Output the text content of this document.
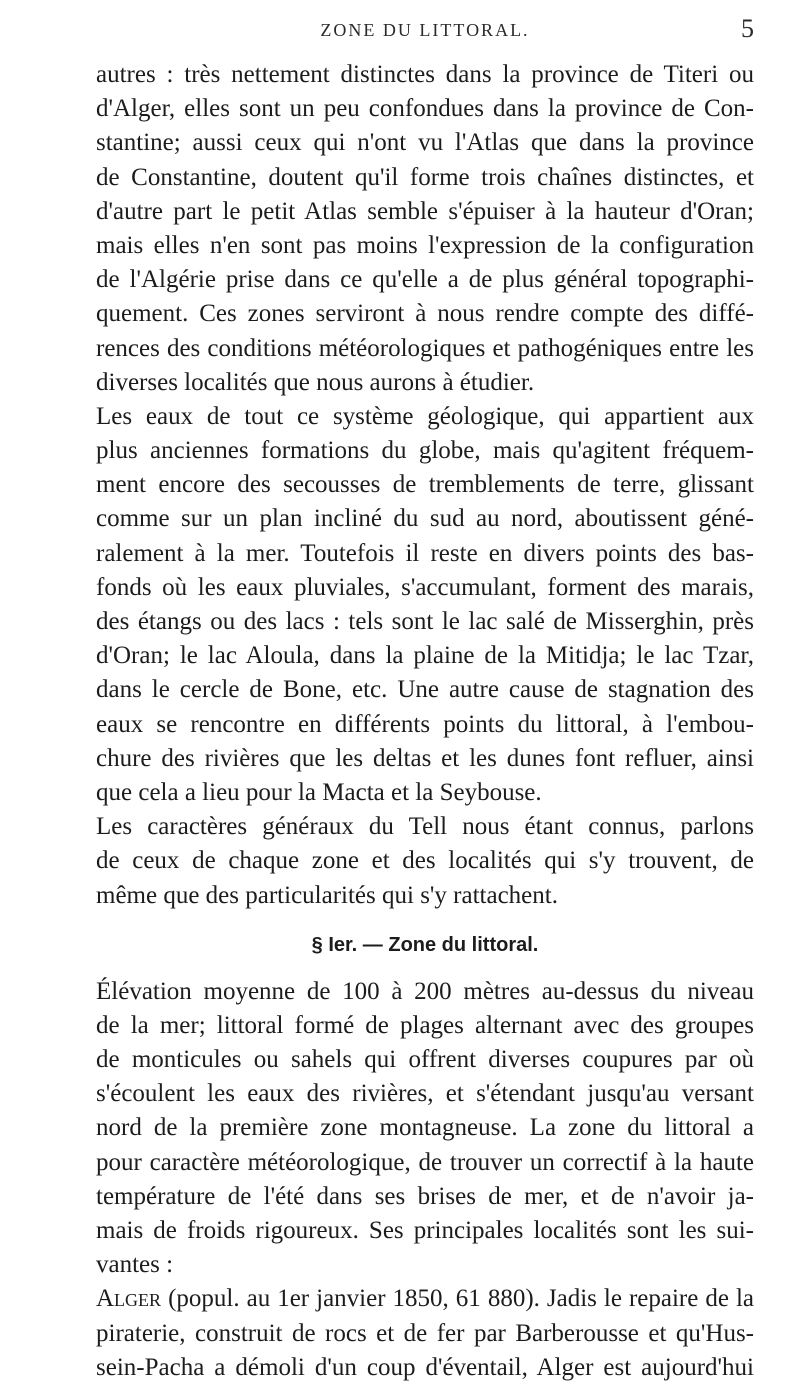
ZONE DU LITTORAL.	5
autres : très nettement distinctes dans la province de Titeri ou
d'Alger, elles sont un peu confondues dans la province de Con-
stantine; aussi ceux qui n'ont vu l'Atlas que dans la province
de Constantine, doutent qu'il forme trois chaînes distinctes, et
d'autre part le petit Atlas semble s'épuiser à la hauteur d'Oran;
mais elles n'en sont pas moins l'expression de la configuration
de l'Algérie prise dans ce qu'elle a de plus général topographi-
quement. Ces zones serviront à nous rendre compte des diffé-
rences des conditions météorologiques et pathogéniques entre les
diverses localités que nous aurons à étudier.
Les eaux de tout ce système géologique, qui appartient aux
plus anciennes formations du globe, mais qu'agitent fréquem-
ment encore des secousses de tremblements de terre, glissant
comme sur un plan incliné du sud au nord, aboutissent géné-
ralement à la mer. Toutefois il reste en divers points des bas-
fonds où les eaux pluviales, s'accumulant, forment des marais,
des étangs ou des lacs : tels sont le lac salé de Misserghin, près
d'Oran; le lac Aloula, dans la plaine de la Mitidja; le lac Tzar,
dans le cercle de Bone, etc. Une autre cause de stagnation des
eaux se rencontre en différents points du littoral, à l'embou-
chure des rivières que les deltas et les dunes font refluer, ainsi
que cela a lieu pour la Macta et la Seybouse.
Les caractères généraux du Tell nous étant connus, parlons
de ceux de chaque zone et des localités qui s'y trouvent, de
même que des particularités qui s'y rattachent.
§ Ier. — Zone du littoral.
Élévation moyenne de 100 à 200 mètres au-dessus du niveau
de la mer; littoral formé de plages alternant avec des groupes
de monticules ou sahels qui offrent diverses coupures par où
s'écoulent les eaux des rivières, et s'étendant jusqu'au versant
nord de la première zone montagneuse. La zone du littoral a
pour caractère météorologique, de trouver un correctif à la haute
température de l'été dans ses brises de mer, et de n'avoir ja-
mais de froids rigoureux. Ses principales localités sont les sui-
vantes :
Alger (popul. au 1er janvier 1850, 61 880). Jadis le repaire de la
piraterie, construit de rocs et de fer par Barberousse et qu'Hus-
sein-Pacha a démoli d'un coup d'éventail, Alger est aujourd'hui
